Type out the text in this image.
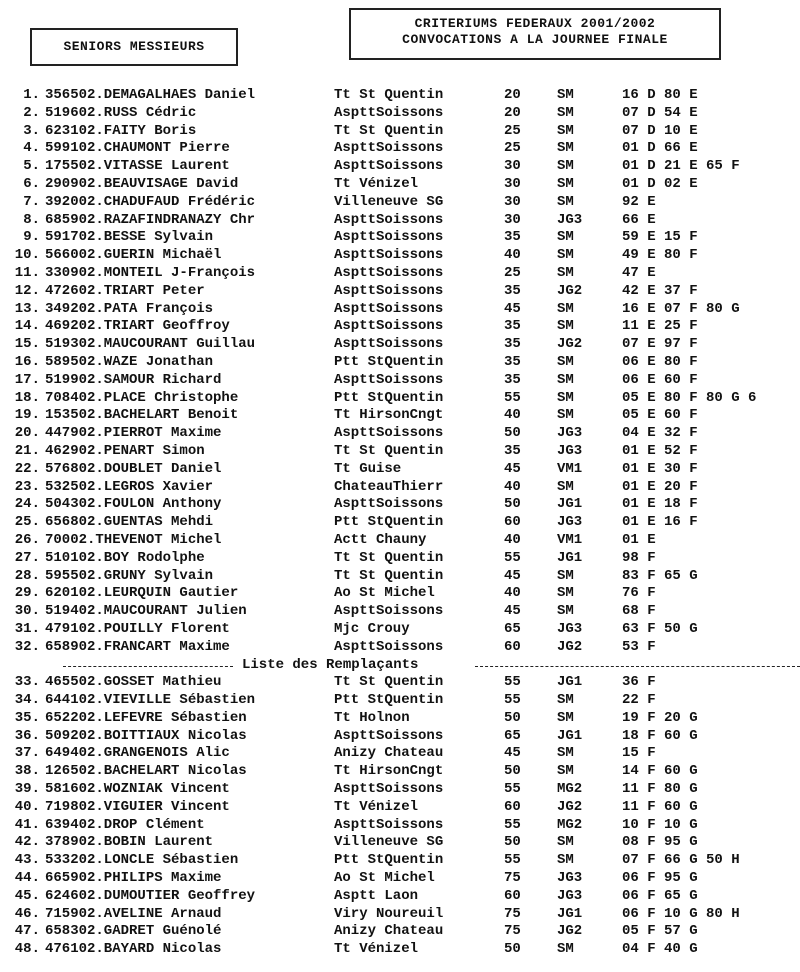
SENIORS MESSIEURS
CRITERIUMS FEDERAUX 2001/2002
CONVOCATIONS A LA JOURNEE FINALE
1. 356502.DEMAGALHAES Daniel	Tt St Quentin	20	SM	16 D 80 E
2. 519602.RUSS Cédric	AspttSoissons	20	SM	07 D 54 E
3. 623102.FAITY Boris	Tt St Quentin	25	SM	07 D 10 E
4. 599102.CHAUMONT Pierre	AspttSoissons	25	SM	01 D 66 E
5. 175502.VITASSE Laurent	AspttSoissons	30	SM	01 D 21 E 65 F
6. 290902.BEAUVISAGE David	Tt Vénizel	30	SM	01 D 02 E
7. 392002.CHADUFAUD Frédéric	Villeneuve SG	30	SM	92 E
8. 685902.RAZAFINDRANAZY Chr	AspttSoissons	30	JG3	66 E
9. 591702.BESSE Sylvain	AspttSoissons	35	SM	59 E 15 F
10. 566002.GUERIN Michaël	AspttSoissons	40	SM	49 E 80 F
11. 330902.MONTEIL J-François	AspttSoissons	25	SM	47 E
12. 472602.TRIART Peter	AspttSoissons	35	JG2	42 E 37 F
13. 349202.PATA François	AspttSoissons	45	SM	16 E 07 F 80 G
14. 469202.TRIART Geoffroy	AspttSoissons	35	SM	11 E 25 F
15. 519302.MAUCOURANT Guillau	AspttSoissons	35	JG2	07 E 97 F
16. 589502.WAZE Jonathan	Ptt StQuentin	35	SM	06 E 80 F
17. 519902.SAMOUR Richard	AspttSoissons	35	SM	06 E 60 F
18. 708402.PLACE Christophe	Ptt StQuentin	55	SM	05 E 80 F 80 G 6
19. 153502.BACHELART Benoit	Tt HirsonCngt	40	SM	05 E 60 F
20. 447902.PIERROT Maxime	AspttSoissons	50	JG3	04 E 32 F
21. 462902.PENART Simon	Tt St Quentin	35	JG3	01 E 52 F
22. 576802.DOUBLET Daniel	Tt Guise	45	VM1	01 E 30 F
23. 532502.LEGROS Xavier	ChateauThierr	40	SM	01 E 20 F
24. 504302.FOULON Anthony	AspttSoissons	50	JG1	01 E 18 F
25. 656802.GUENTAS Mehdi	Ptt StQuentin	60	JG3	01 E 16 F
26. 70002.THEVENOT Michel	Actt Chauny	40	VM1	01 E
27. 510102.BOY Rodolphe	Tt St Quentin	55	JG1	98 F
28. 595502.GRUNY Sylvain	Tt St Quentin	45	SM	83 F 65 G
29. 620102.LEURQUIN Gautier	Ao St Michel	40	SM	76 F
30. 519402.MAUCOURANT Julien	AspttSoissons	45	SM	68 F
31. 479102.POUILLY Florent	Mjc Crouy	65	JG3	63 F 50 G
32. 658902.FRANCART Maxime	AspttSoissons	60	JG2	53 F
Liste des Remplaçants
33. 465502.GOSSET Mathieu	Tt St Quentin	55	JG1	36 F
34. 644102.VIEVILLE Sébastien	Ptt StQuentin	55	SM	22 F
35. 652202.LEFEVRE Sébastien	Tt Holnon	50	SM	19 F 20 G
36. 509202.BOITTIAUX Nicolas	AspttSoissons	65	JG1	18 F 60 G
37. 649402.GRANGENOIS Alic	Anizy Chateau	45	SM	15 F
38. 126502.BACHELART Nicolas	Tt HirsonCngt	50	SM	14 F 60 G
39. 581602.WOZNIAK Vincent	AspttSoissons	55	MG2	11 F 80 G
40. 719802.VIGUIER Vincent	Tt Vénizel	60	JG2	11 F 60 G
41. 639402.DROP Clément	AspttSoissons	55	MG2	10 F 10 G
42. 378902.BOBIN Laurent	Villeneuve SG	50	SM	08 F 95 G
43. 533202.LONCLE Sébastien	Ptt StQuentin	55	SM	07 F 66 G 50 H
44. 665902.PHILIPS Maxime	Ao St Michel	75	JG3	06 F 95 G
45. 624602.DUMOUTIER Geoffrey	Asptt Laon	60	JG3	06 F 65 G
46. 715902.AVELINE Arnaud	Viry Noureuil	75	JG1	06 F 10 G 80 H
47. 658302.GADRET Guénolé	Anizy Chateau	75	JG2	05 F 57 G
48. 476102.BAYARD Nicolas	Tt Vénizel	50	SM	04 F 40 G
